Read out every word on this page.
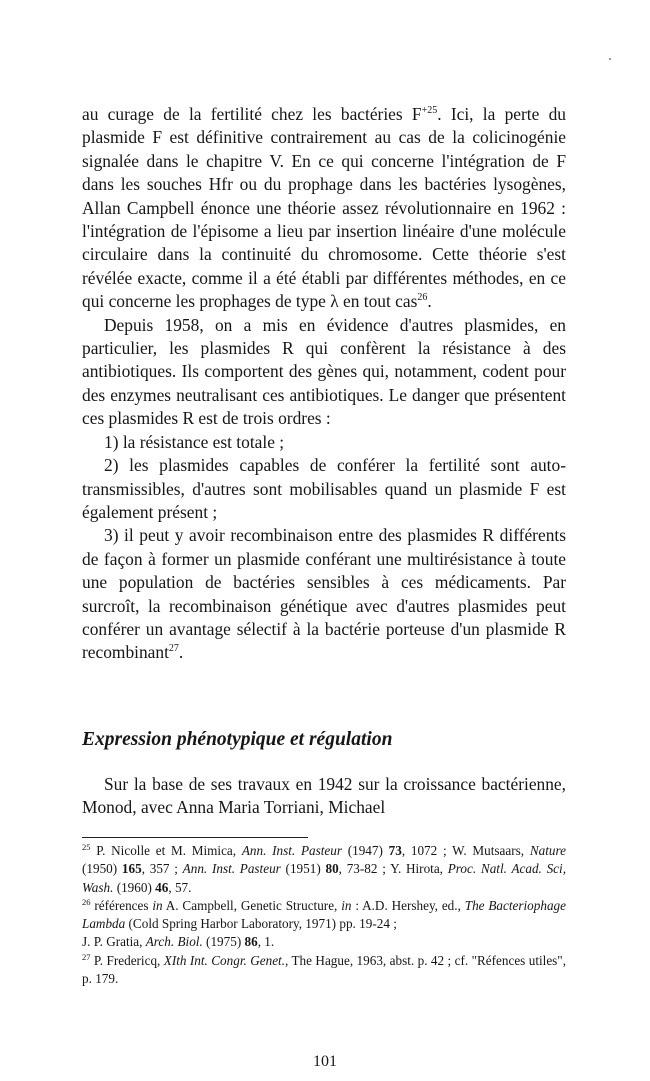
au curage de la fertilité chez les bactéries $F^{+25}$. Ici, la perte du plasmide F est définitive contrairement au cas de la colicinogénie signalée dans le chapitre V. En ce qui concerne l'intégration de F dans les souches Hfr ou du prophage dans les bactéries lysogènes, Allan Campbell énonce une théorie assez révolutionnaire en 1962 : l'intégration de l'épisome a lieu par insertion linéaire d'une molécule circulaire dans la continuité du chromosome. Cette théorie s'est révélée exacte, comme il a été établi par différentes méthodes, en ce qui concerne les prophages de type λ en tout cas$^{26}$.

Depuis 1958, on a mis en évidence d'autres plasmides, en particulier, les plasmides R qui confèrent la résistance à des antibiotiques. Ils comportent des gènes qui, notamment, codent pour des enzymes neutralisant ces antibiotiques. Le danger que présentent ces plasmides R est de trois ordres :

1) la résistance est totale ;

2) les plasmides capables de conférer la fertilité sont auto-transmissibles, d'autres sont mobilisables quand un plasmide F est également présent ;

3) il peut y avoir recombinaison entre des plasmides R différents de façon à former un plasmide conférant une multirésistance à toute une population de bactéries sensibles à ces médicaments. Par surcroît, la recombinaison génétique avec d'autres plasmides peut conférer un avantage sélectif à la bactérie porteuse d'un plasmide R recombinant$^{27}$.

Expression phénotypique et régulation

Sur la base de ses travaux en 1942 sur la croissance bactérienne, Monod, avec Anna Maria Torriani, Michael

$^{25}$ P. Nicolle et M. Mimica, Ann. Inst. Pasteur (1947) 73, 1072 ; W. Mutsaars, Nature (1950) 165, 357 ; Ann. Inst. Pasteur (1951) 80, 73-82 ; Y. Hirota, Proc. Natl. Acad. Sci, Wash. (1960) 46, 57.

$^{26}$ références in A. Campbell, Genetic Structure, in : A.D. Hershey, ed., The Bacteriophage Lambda (Cold Spring Harbor Laboratory, 1971) pp. 19-24 ;

J. P. Gratia, Arch. Biol. (1975) 86, 1.

$^{27}$ P. Fredericq, XIth Int. Congr. Genet., The Hague, 1963, abst. p. 42 ; cf. "Réfences utiles", p. 179.

101
